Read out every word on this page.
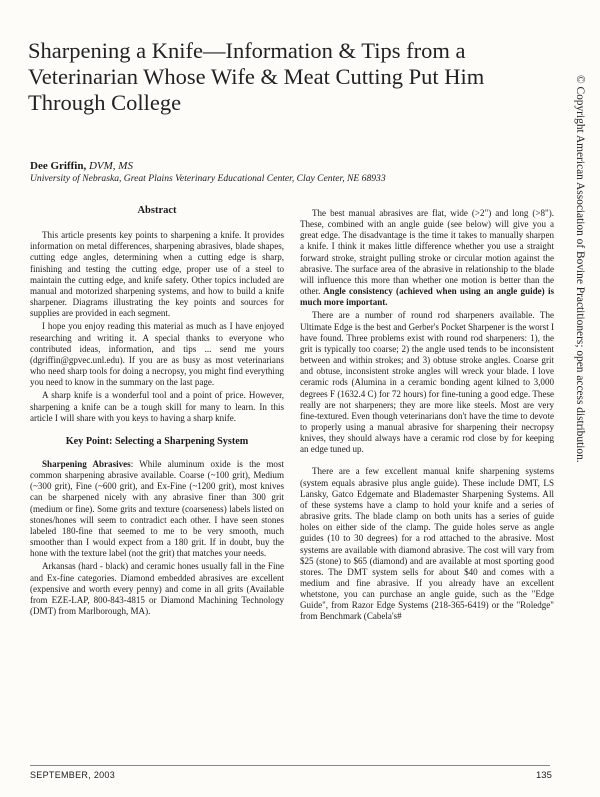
Sharpening a Knife—Information & Tips from a Veterinarian Whose Wife & Meat Cutting Put Him Through College
Dee Griffin, DVM, MS
University of Nebraska, Great Plains Veterinary Educational Center, Clay Center, NE 68933

Abstract

This article presents key points to sharpening a knife. It provides information on metal differences, sharpening abrasives, blade shapes, cutting edge angles, determining when a cutting edge is sharp, finishing and testing the cutting edge, proper use of a steel to maintain the cutting edge, and knife safety. Other topics included are manual and motorized sharpening systems, and how to build a knife sharpener. Diagrams illustrating the key points and sources for supplies are provided in each segment.

I hope you enjoy reading this material as much as I have enjoyed researching and writing it. A special thanks to everyone who contributed ideas, information, and tips ... send me yours (dgriffin@gpvec.unl.edu). If you are as busy as most veterinarians who need sharp tools for doing a necropsy, you might find everything you need to know in the summary on the last page.

A sharp knife is a wonderful tool and a point of price. However, sharpening a knife can be a tough skill for many to learn. In this article I will share with you keys to having a sharp knife.

Key Point: Selecting a Sharpening System

Sharpening Abrasives: While aluminum oxide is the most common sharpening abrasive available. Coarse (~100 grit), Medium (~300 grit), Fine (~600 grit), and Ex-Fine (~1200 grit), most knives can be sharpened nicely with any abrasive finer than 300 grit (medium or fine). Some grits and texture (coarseness) labels listed on stones/hones will seem to contradict each other. I have seen stones labeled 180-fine that seemed to me to be very smooth, much smoother than I would expect from a 180 grit. If in doubt, buy the hone with the texture label (not the grit) that matches your needs.

Arkansas (hard - black) and ceramic hones usually fall in the Fine and Ex-fine categories. Diamond embedded abrasives are excellent (expensive and worth every penny) and come in all grits (Available from EZE-LAP, 800-843-4815 or Diamond Machining Technology (DMT) from Marlborough, MA).

The best manual abrasives are flat, wide (>2") and long (>8"). These, combined with an angle guide (see below) will give you a great edge. The disadvantage is the time it takes to manually sharpen a knife. I think it makes little difference whether you use a straight forward stroke, straight pulling stroke or circular motion against the abrasive. The surface area of the abrasive in relationship to the blade will influence this more than whether one motion is better than the other. Angle consistency (achieved when using an angle guide) is much more important.

There are a number of round rod sharpeners available. The Ultimate Edge is the best and Gerber's Pocket Sharpener is the worst I have found. Three problems exist with round rod sharpeners: 1), the grit is typically too coarse; 2) the angle used tends to be inconsistent between and within strokes; and 3) obtuse stroke angles. Coarse grit and obtuse, inconsistent stroke angles will wreck your blade. I love ceramic rods (Alumina in a ceramic bonding agent kilned to 3,000 degrees F (1632.4 C) for 72 hours) for fine-tuning a good edge. These really are not sharpeners; they are more like steels. Most are very fine-textured. Even though veterinarians don't have the time to devote to properly using a manual abrasive for sharpening their necropsy knives, they should always have a ceramic rod close by for keeping an edge tuned up.

There are a few excellent manual knife sharpening systems (system equals abrasive plus angle guide). These include DMT, LS Lansky, Gatco Edgemate and Blademaster Sharpening Systems. All of these systems have a clamp to hold your knife and a series of abrasive grits. The blade clamp on both units has a series of guide holes on either side of the clamp. The guide holes serve as angle guides (10 to 30 degrees) for a rod attached to the abrasive. Most systems are available with diamond abrasive. The cost will vary from $25 (stone) to $65 (diamond) and are available at most sporting good stores. The DMT system sells for about $40 and comes with a medium and fine abrasive. If you already have an excellent whetstone, you can purchase an angle guide, such as the "Edge Guide", from Razor Edge Systems (218-365-6419) or the "Roledge" from Benchmark (Cabela's#

© Copyright American Association of Bovine Practitioners; open access distribution.
SEPTEMBER, 2003	135
